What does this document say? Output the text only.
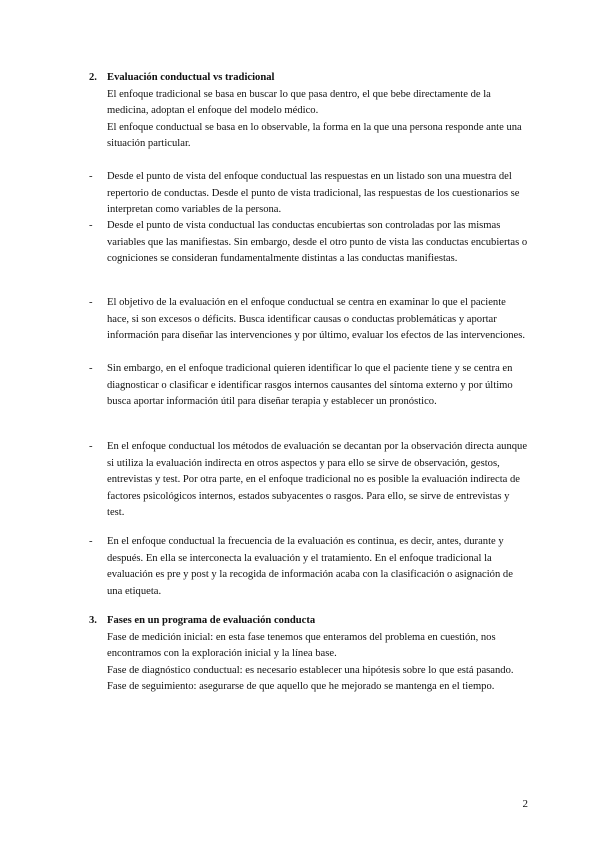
2. Evaluación conductual vs tradicional
El enfoque tradicional se basa en buscar lo que pasa dentro, el que bebe directamente de la medicina, adoptan el enfoque del modelo médico.
El enfoque conductual se basa en lo observable, la forma en la que una persona responde ante una situación particular.
-	Desde el punto de vista del enfoque conductual las respuestas en un listado son una muestra del repertorio de conductas. Desde el punto de vista tradicional, las respuestas de los cuestionarios se interpretan como variables de la persona.
-	Desde el punto de vista conductual las conductas encubiertas son controladas por las mismas variables que las manifiestas. Sin embargo, desde el otro punto de vista las conductas encubiertas o cogniciones se consideran fundamentalmente distintas a las conductas manifiestas.
-	El objetivo de la evaluación en el enfoque conductual se centra en examinar lo que el paciente hace, si son excesos o déficits. Busca identificar causas o conductas problemáticas y aportar información para diseñar las intervenciones y por último, evaluar los efectos de las intervenciones.
-	Sin embargo, en el enfoque tradicional quieren identificar lo que el paciente tiene y se centra en diagnosticar o clasificar e identificar rasgos internos causantes del síntoma externo y por último busca aportar información útil para diseñar terapia y establecer un pronóstico.
-	En el enfoque conductual los métodos de evaluación se decantan por la observación directa aunque si utiliza la evaluación indirecta en otros aspectos y para ello se sirve de observación, gestos, entrevistas y test. Por otra parte, en el enfoque tradicional no es posible la evaluación indirecta de factores psicológicos internos, estados subyacentes o rasgos. Para ello, se sirve de entrevistas y test.
-	En el enfoque conductual la frecuencia de la evaluación es continua, es decir, antes, durante y después. En ella se interconecta la evaluación y el tratamiento. En el enfoque tradicional la evaluación es pre y post y la recogida de información acaba con la clasificación o asignación de una etiqueta.
3. Fases en un programa de evaluación conducta
Fase de medición inicial: en esta fase tenemos que enteramos del problema en cuestión, nos encontramos con la exploración inicial y la línea base.
Fase de diagnóstico conductual: es necesario establecer una hipótesis sobre lo que está pasando.
Fase de seguimiento: asegurarse de que aquello que he mejorado se mantenga en el tiempo.
2
